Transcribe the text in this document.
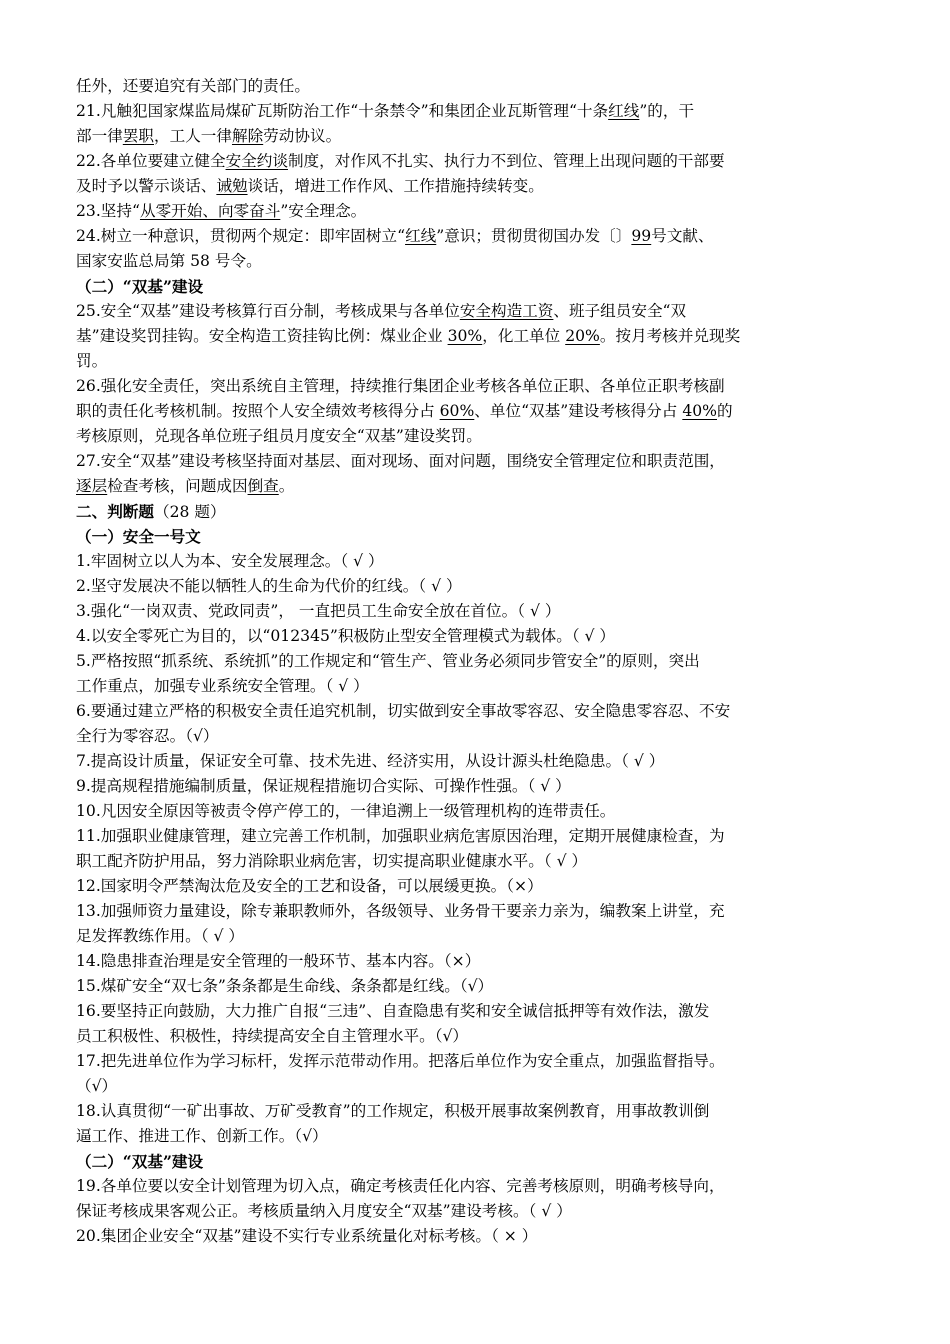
任外，还要追究有关部门的责任。
21.凡触犯国家煤监局煤矿瓦斯防治工作“十条禁令”和集团企业瓦斯管理“十条红线”的，干
部一律罢职，工人一律解除劳动协议。
22.各单位要建立健全安全约谈制度，对作风不扎实、执行力不到位、管理上出现问题的干部要
及时予以警示谈话、诫勉谈话，增进工作作风、工作措施持续转变。
23.坚持“从零开始、向零奋斗”安全理念。
24.树立一种意识，贯彻两个规定：即牢固树立“红线”意识；贯彻贯彻国办发〔〕99号文献、
国家安监总局第 58 号令。
（二）“双基”建设
25.安全“双基”建设考核算行百分制，考核成果与各单位安全构造工资、班子组员安全“双
基”建设奖罚挂钩。安全构造工资挂钩比例：煤业企业 30%，化工单位 20%。按月考核并兑现奖
罚。
26.强化安全责任，突出系统自主管理，持续推行集团企业考核各单位正职、各单位正职考核副
职的责任化考核机制。按照个人安全绩效考核得分占 60%、单位“双基”建设考核得分占 40%的
考核原则，兑现各单位班子组员月度安全“双基”建设奖罚。
27.安全“双基”建设考核坚持面对基层、面对现场、面对问题，围绕安全管理定位和职责范围，
逐层检查考核，问题成因倒查。
二、判断题（28 题）
（一）安全一号文
1.牢固树立以人为本、安全发展理念。（ √ ）
2.坚守发展决不能以牺牲人的生命为代价的红线。（ √ ）
3.强化“一岗双责、党政同责”， 一直把员工生命安全放在首位。（ √ ）
4.以安全零死亡为目的，以“012345”积极防止型安全管理模式为载体。（ √ ）
5.严格按照“抓系统、系统抓”的工作规定和“管生产、管业务必须同步管安全”的原则，突出
工作重点，加强专业系统安全管理。（ √ ）
6.要通过建立严格的积极安全责任追究机制，切实做到安全事故零容忍、安全隐患零容忍、不安
全行为零容忍。（√）
7.提高设计质量，保证安全可靠、技术先进、经济实用，从设计源头杜绝隐患。（ √ ）
9.提高规程措施编制质量，保证规程措施切合实际、可操作性强。（ √ ）
10.凡因安全原因等被责令停产停工的，一律追溯上一级管理机构的连带责任。
11.加强职业健康管理，建立完善工作机制，加强职业病危害原因治理，定期开展健康检查，为
职工配齐防护用品，努力消除职业病危害，切实提高职业健康水平。（ √ ）
12.国家明令严禁淘汰危及安全的工艺和设备，可以展缓更换。（×）
13.加强师资力量建设，除专兼职教师外，各级领导、业务骨干要亲力亲为，编教案上讲堂，充
足发挥教练作用。（ √ ）
14.隐患排查治理是安全管理的一般环节、基本内容。（×）
15.煤矿安全“双七条”条条都是生命线、条条都是红线。（√）
16.要坚持正向鼓励，大力推广自报“三违”、自查隐患有奖和安全诚信抵押等有效作法，激发
员工积极性、积极性，持续提高安全自主管理水平。（√）
17.把先进单位作为学习标杆，发挥示范带动作用。把落后单位作为安全重点，加强监督指导。
（√）
18.认真贯彻“一矿出事故、万矿受教育”的工作规定，积极开展事故案例教育，用事故教训倒
逼工作、推进工作、创新工作。（√）
（二）“双基”建设
19.各单位要以安全计划管理为切入点，确定考核责任化内容、完善考核原则，明确考核导向，
保证考核成果客观公正。考核质量纳入月度安全“双基”建设考核。（ √ ）
20.集团企业安全“双基”建设不实行专业系统量化对标考核。（ × ）
